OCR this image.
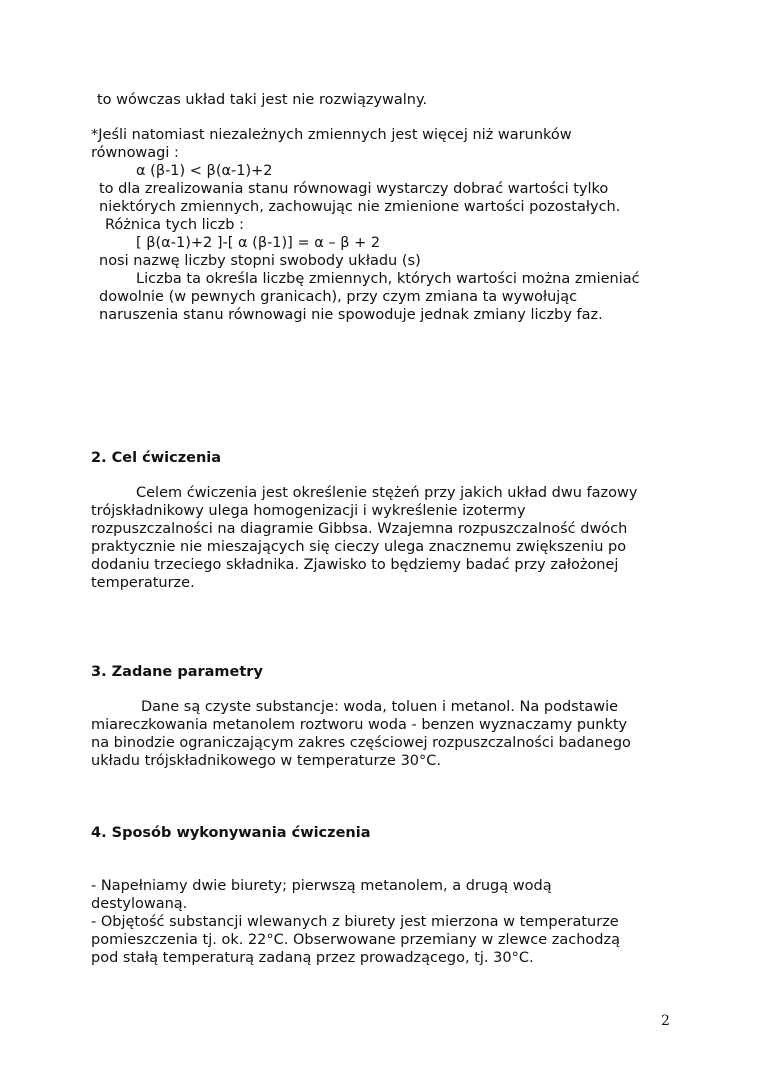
to wówczas układ taki jest nie rozwiązywalny.
*Jeśli natomiast niezależnych zmiennych jest więcej niż warunków
równowagi :
α (β-1) < β(α-1)+2
to dla zrealizowania stanu równowagi wystarczy dobrać wartości tylko
niektórych zmiennych, zachowując nie zmienione wartości pozostałych.
Różnica tych liczb :
[ β(α-1)+2 ]-[ α (β-1)] = α – β + 2
nosi nazwę liczby stopni swobody układu (s)
Liczba ta określa liczbę zmiennych, których wartości można zmieniać
dowolnie (w pewnych granicach), przy czym zmiana ta wywołując
naruszenia stanu równowagi nie spowoduje jednak zmiany liczby faz.
2. Cel ćwiczenia
Celem ćwiczenia jest określenie stężeń przy jakich układ dwu fazowy
trójskładnikowy ulega homogenizacji i wykreślenie izotermy
rozpuszczalności na diagramie Gibbsa. Wzajemna rozpuszczalność dwóch
praktycznie nie mieszających się cieczy ulega znacznemu zwiększeniu po
dodaniu trzeciego składnika. Zjawisko to będziemy badać przy założonej
temperaturze.
3. Zadane parametry
Dane są czyste substancje: woda, toluen i metanol. Na podstawie
miareczkowania metanolem roztworu woda - benzen wyznaczamy punkty
na binodzie ograniczającym zakres częściowej rozpuszczalności badanego
układu trójskładnikowego w temperaturze 30°C.
4. Sposób wykonywania ćwiczenia
- Napełniamy dwie biurety; pierwszą metanolem, a drugą wodą
destylowaną.
- Objętość substancji wlewanych z biurety jest mierzona w temperaturze
pomieszczenia tj. ok. 22°C. Obserwowane przemiany w zlewce zachodzą
pod stałą temperaturą zadaną przez prowadzącego, tj. 30°C.
2
